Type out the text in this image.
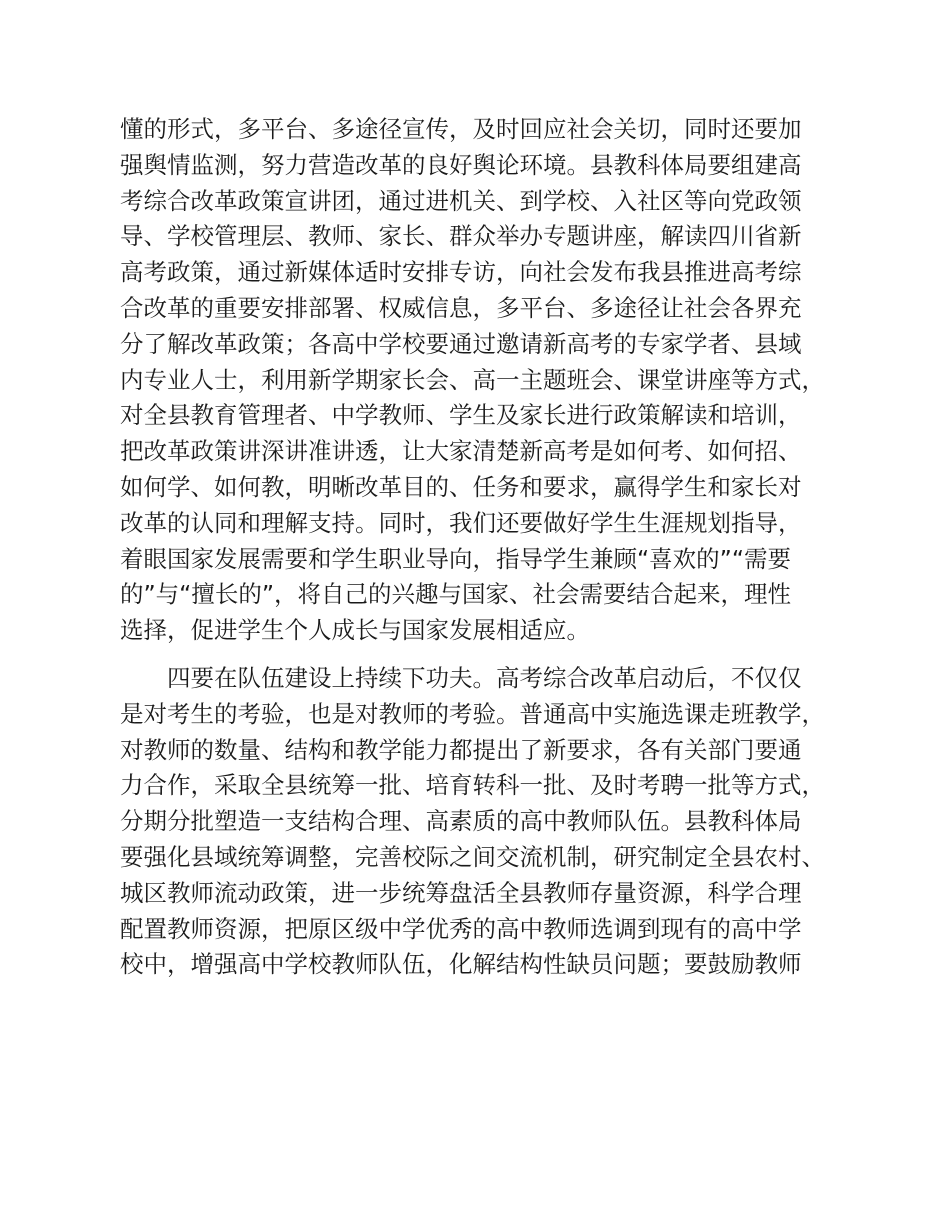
懂的形式，多平台、多途径宣传，及时回应社会关切，同时还要加
强舆情监测，努力营造改革的良好舆论环境。县教科体局要组建高
考综合改革政策宣讲团，通过进机关、到学校、入社区等向党政领
导、学校管理层、教师、家长、群众举办专题讲座，解读四川省新
高考政策，通过新媒体适时安排专访，向社会发布我县推进高考综
合改革的重要安排部署、权威信息，多平台、多途径让社会各界充
分了解改革政策；各高中学校要通过邀请新高考的专家学者、县域
内专业人士，利用新学期家长会、高一主题班会、课堂讲座等方式，
对全县教育管理者、中学教师、学生及家长进行政策解读和培训，
把改革政策讲深讲准讲透，让大家清楚新高考是如何考、如何招、
如何学、如何教，明晰改革目的、任务和要求，赢得学生和家长对
改革的认同和理解支持。同时，我们还要做好学生生涯规划指导，
着眼国家发展需要和学生职业导向，指导学生兼顾“喜欢的”“需要
的”与“擅长的”，将自己的兴趣与国家、社会需要结合起来，理性
选择，促进学生个人成长与国家发展相适应。
四要在队伍建设上持续下功夫。高考综合改革启动后，不仅仅
是对考生的考验，也是对教师的考验。普通高中实施选课走班教学，
对教师的数量、结构和教学能力都提出了新要求，各有关部门要通
力合作，采取全县统筹一批、培育转科一批、及时考聘一批等方式，
分期分批塑造一支结构合理、高素质的高中教师队伍。县教科体局
要强化县域统筹调整，完善校际之间交流机制，研究制定全县农村、
城区教师流动政策，进一步统筹盘活全县教师存量资源，科学合理
配置教师资源，把原区级中学优秀的高中教师选调到现有的高中学
校中，增强高中学校教师队伍，化解结构性缺员问题；要鼓励教师
